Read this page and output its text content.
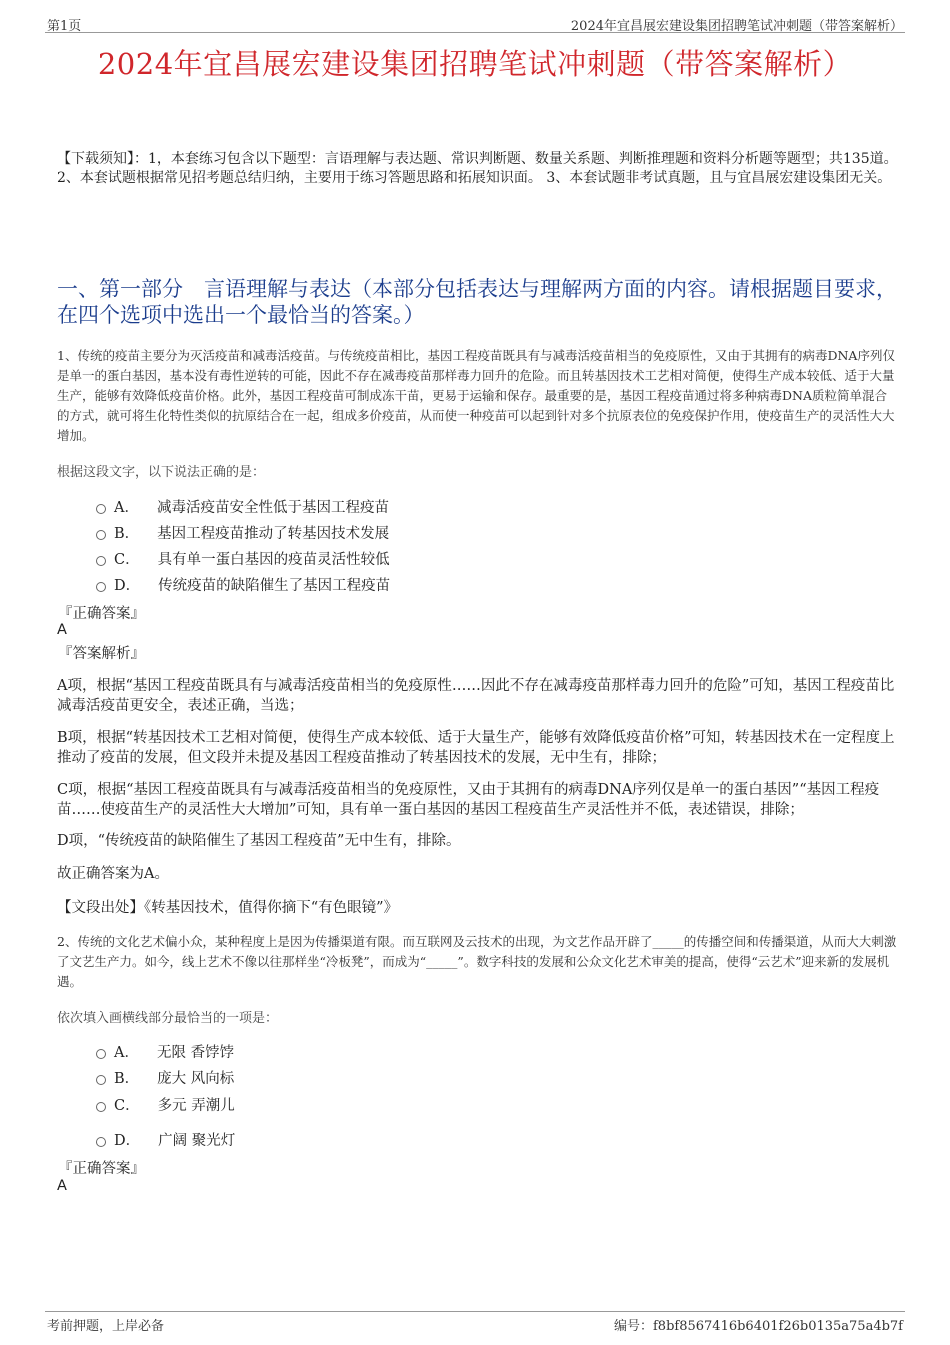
第1页	2024年宜昌展宏建设集团招聘笔试冲刺题（带答案解析）
2024年宜昌展宏建设集团招聘笔试冲刺题（带答案解析）
【下载须知】：1，本套练习包含以下题型：言语理解与表达题、常识判断题、数量关系题、判断推理题和资料分析题等题型；共135道。 2、本套试题根据常见招考题总结归纳，主要用于练习答题思路和拓展知识面。 3、本套试题非考试真题，且与宜昌展宏建设集团无关。
一、第一部分　言语理解与表达（本部分包括表达与理解两方面的内容。请根据题目要求，在四个选项中选出一个最恰当的答案。）
1、传统的疫苗主要分为灭活疫苗和减毒活疫苗。与传统疫苗相比，基因工程疫苗既具有与减毒活疫苗相当的免疫原性，又由于其拥有的病毒DNA序列仅是单一的蛋白基因，基本没有毒性逆转的可能，因此不存在减毒疫苗那样毒力回升的危险。而且转基因技术工艺相对简便，使得生产成本较低、适于大量生产，能够有效降低疫苗价格。此外，基因工程疫苗可制成冻干苗，更易于运输和保存。最重要的是，基因工程疫苗通过将多种病毒DNA质粒简单混合的方式，就可将生化特性类似的抗原结合在一起，组成多价疫苗，从而使一种疫苗可以起到针对多个抗原表位的免疫保护作用，使疫苗生产的灵活性大大增加。
根据这段文字，以下说法正确的是：
A． 减毒活疫苗安全性低于基因工程疫苗
B． 基因工程疫苗推动了转基因技术发展
C． 具有单一蛋白基因的疫苗灵活性较低
D． 传统疫苗的缺陷催生了基因工程疫苗
『正确答案』
A
『答案解析』
A项，根据“基因工程疫苗既具有与减毒活疫苗相当的免疫原性……因此不存在减毒疫苗那样毒力回升的危险”可知，基因工程疫苗比减毒活疫苗更安全，表述正确，当选；
B项，根据“转基因技术工艺相对简便，使得生产成本较低、适于大量生产，能够有效降低疫苗价格”可知，转基因技术在一定程度上推动了疫苗的发展，但文段并未提及基因工程疫苗推动了转基因技术的发展，无中生有，排除；
C项，根据“基因工程疫苗既具有与减毒活疫苗相当的免疫原性，又由于其拥有的病毒DNA序列仅是单一的蛋白基因”“基因工程疫苗……使疫苗生产的灵活性大大增加”可知，具有单一蛋白基因的基因工程疫苗生产灵活性并不低，表述错误，排除；
D项，“传统疫苗的缺陷催生了基因工程疫苗”无中生有，排除。
故正确答案为A。
【文段出处】《转基因技术，值得你摘下“有色眼镜”》
2、传统的文化艺术偏小众，某种程度上是因为传播渠道有限。而互联网及云技术的出现，为文艺作品开辟了_____的传播空间和传播渠道，从而大大刺激了文艺生产力。如今，线上艺术不像以往那样坐“冷板凳”，而成为“_____”。数字科技的发展和公众文化艺术审美的提高，使得“云艺术”迎来新的发展机遇。
依次填入画横线部分最恰当的一项是：
A． 无限 香饽饽
B． 庞大 风向标
C． 多元 弄潮儿
D． 广阔 聚光灯
『正确答案』
A
考前押题，上岸必备	编号：f8bf8567416b6401f26b0135a75a4b7f
